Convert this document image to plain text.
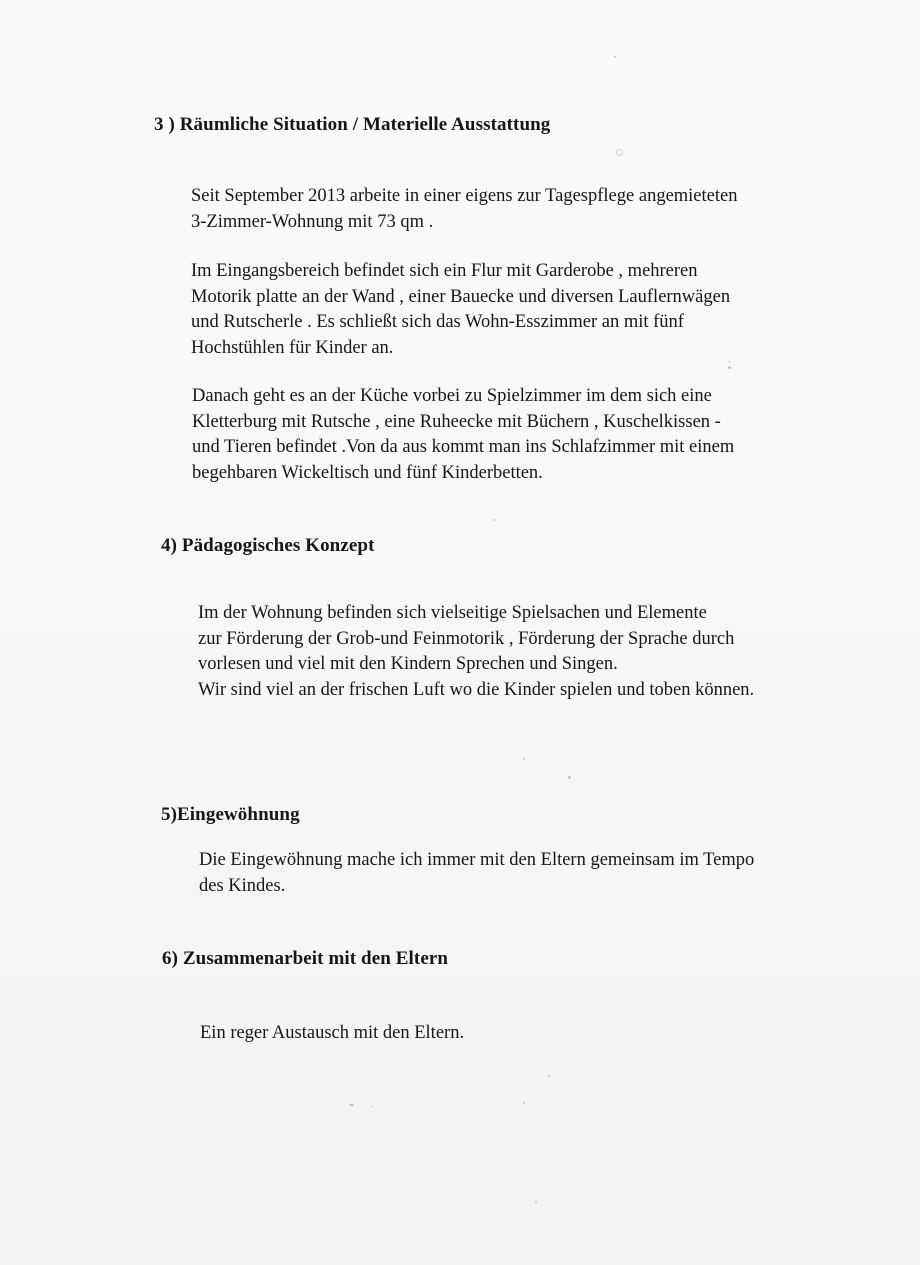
3 ) Räumliche Situation / Materielle Ausstattung
Seit September 2013 arbeite in einer eigens zur Tagespflege angemieteten
3-Zimmer-Wohnung mit 73 qm .
Im Eingangsbereich befindet sich ein Flur mit Garderobe , mehreren
Motorik platte an der Wand , einer Bauecke und diversen Lauflernwägen
und Rutscherle . Es schließt sich das Wohn-Esszimmer an mit fünf
Hochstühlen für Kinder an.
Danach geht es an der Küche vorbei zu Spielzimmer im dem sich eine
Kletterburg mit Rutsche , eine Ruheecke mit Büchern , Kuschelkissen -
und Tieren befindet .Von da aus kommt man ins Schlafzimmer mit einem
begehbaren Wickeltisch und fünf Kinderbetten.
4) Pädagogisches Konzept
Im der Wohnung befinden sich vielseitige Spielsachen und Elemente
zur Förderung der Grob-und Feinmotorik , Förderung der Sprache durch
vorlesen und viel mit den Kindern Sprechen und Singen.
Wir sind viel an der frischen Luft wo die Kinder spielen und toben können.
5)Eingewöhnung
Die Eingewöhnung mache ich immer mit den Eltern gemeinsam im Tempo
des Kindes.
6) Zusammenarbeit mit den Eltern
Ein reger Austausch mit den Eltern.
